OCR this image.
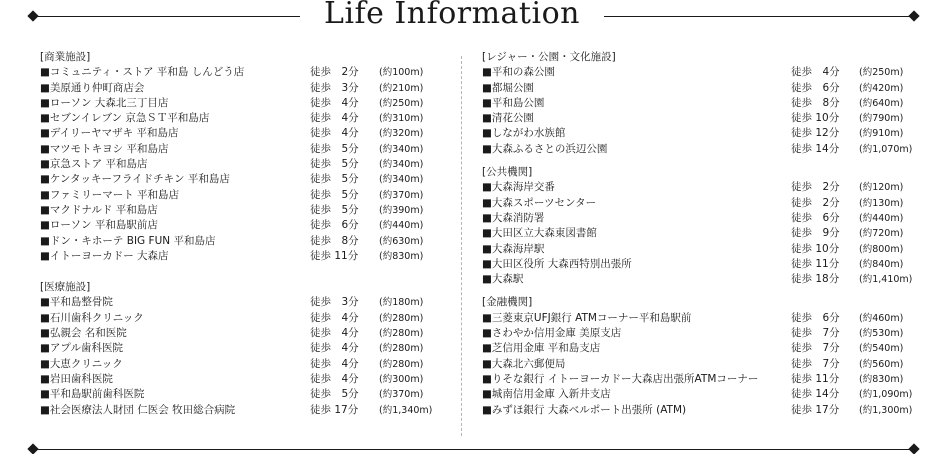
Life Information
[商業施設]
■コミュニティ・ストア 平和島 しんどう店	徒歩　2分	(約100m)
■美原通り仲町商店会	徒歩　3分	(約210m)
■ローソン 大森北三丁目店	徒歩　4分	(約250m)
■セブンイレブン 京急ＳＴ平和島店	徒歩　4分	(約310m)
■デイリーヤマザキ 平和島店	徒歩　4分	(約320m)
■マツモトキヨシ 平和島店	徒歩　5分	(約340m)
■京急ストア 平和島店	徒歩　5分	(約340m)
■ケンタッキーフライドチキン 平和島店	徒歩　5分	(約340m)
■ファミリーマート 平和島店	徒歩　5分	(約370m)
■マクドナルド 平和島店	徒歩　5分	(約390m)
■ローソン 平和島駅前店	徒歩　6分	(約440m)
■ドン・キホーテ BIG FUN 平和島店	徒歩　8分	(約630m)
■イトーヨーカドー 大森店	徒歩 11分	(約830m)
[医療施設]
■平和島整骨院	徒歩　3分	(約180m)
■石川歯科クリニック	徒歩　4分	(約280m)
■弘親会 名和医院	徒歩　4分	(約280m)
■アプル歯科医院	徒歩　4分	(約280m)
■大恵クリニック	徒歩　4分	(約280m)
■岩田歯科医院	徒歩　4分	(約300m)
■平和島駅前歯科医院	徒歩　5分	(約370m)
■社会医療法人財団 仁医会 牧田総合病院	徒歩 17分	(約1,340m)
[レジャー・公園・文化施設]
■平和の森公園	徒歩　4分	(約250m)
■都堀公園	徒歩　6分	(約420m)
■平和島公園	徒歩　8分	(約640m)
■清花公園	徒歩 10分	(約790m)
■しながわ水族館	徒歩 12分	(約910m)
■大森ふるさとの浜辺公園	徒歩 14分	(約1,070m)
[公共機関]
■大森海岸交番	徒歩　2分	(約120m)
■大森スポーツセンター	徒歩　2分	(約130m)
■大森消防署	徒歩　6分	(約440m)
■大田区立大森東図書館	徒歩　9分	(約720m)
■大森海岸駅	徒歩 10分	(約800m)
■大田区役所 大森西特別出張所	徒歩 11分	(約840m)
■大森駅	徒歩 18分	(約1,410m)
[金融機関]
■三菱東京UFJ銀行 ATMコーナー平和島駅前	徒歩　6分	(約460m)
■さわやか信用金庫 美原支店	徒歩　7分	(約530m)
■芝信用金庫 平和島支店	徒歩　7分	(約540m)
■大森北六郵便局	徒歩　7分	(約560m)
■りそな銀行 イトーヨーカドー大森店出張所ATMコーナー	徒歩 11分	(約830m)
■城南信用金庫 入新井支店	徒歩 14分	(約1,090m)
■みずほ銀行 大森ベルポート出張所 (ATM)	徒歩 17分	(約1,300m)
